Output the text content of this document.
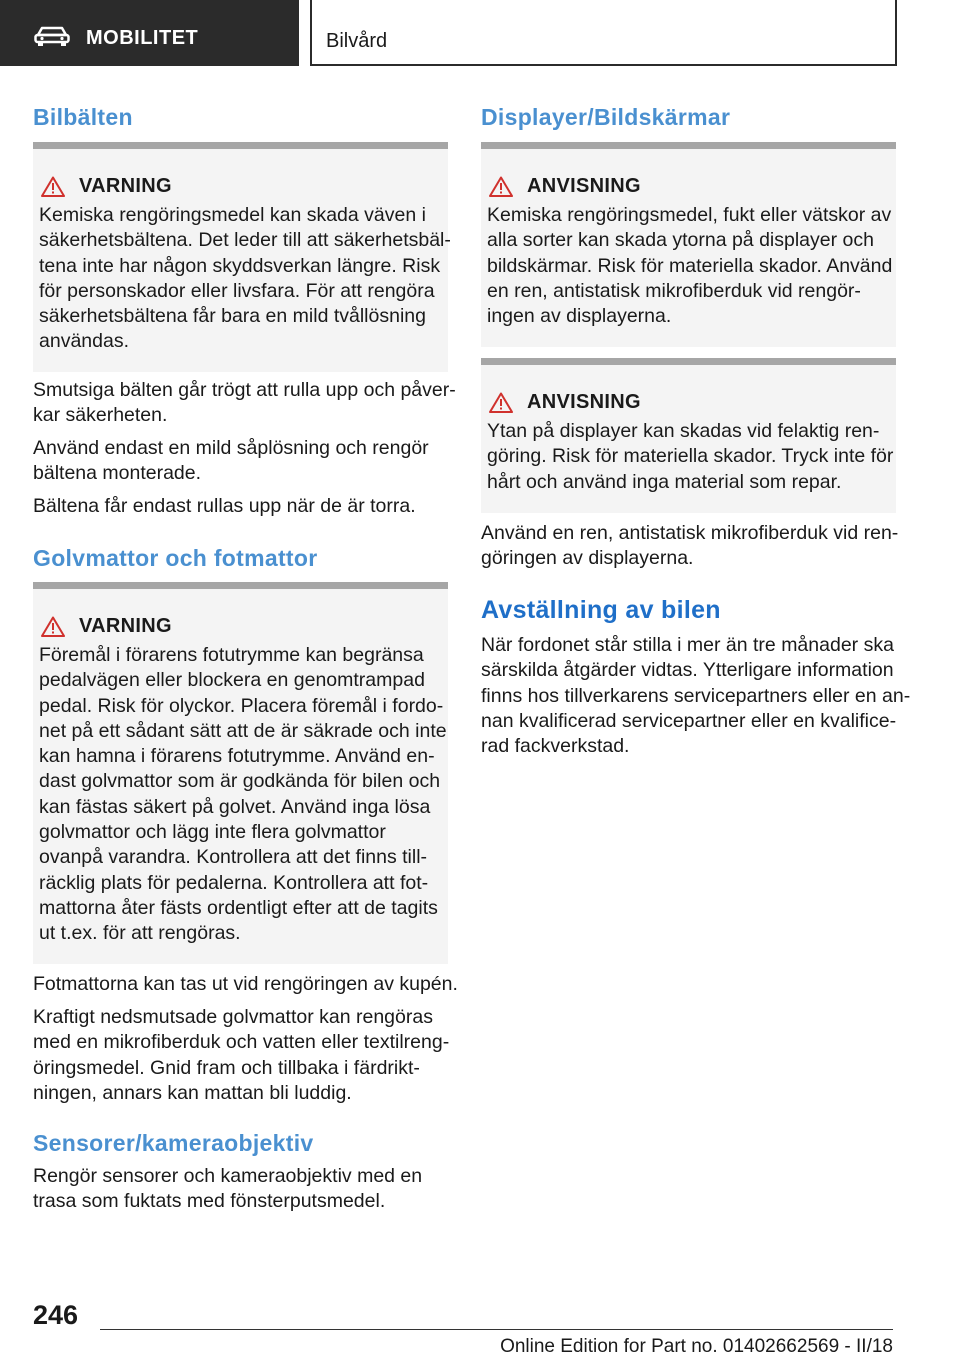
MOBILITET	Bilvård
Bilbälten
VARNING
Kemiska rengöringsmedel kan skada väven i
säkerhetsbältena. Det leder till att säkerhetsbäl‐
tena inte har någon skyddsverkan längre. Risk
för personskador eller livsfara. För att rengöra
säkerhetsbältena får bara en mild tvållösning
användas.
Smutsiga bälten går trögt att rulla upp och påver‐
kar säkerheten.
Använd endast en mild såplösning och rengör
bältena monterade.
Bältena får endast rullas upp när de är torra.
Golvmattor och fotmattor
VARNING
Föremål i förarens fotutrymme kan begränsa
pedalvägen eller blockera en genomtrampad
pedal. Risk för olyckor. Placera föremål i fordo‐
net på ett sådant sätt att de är säkrade och inte
kan hamna i förarens fotutrymme. Använd en‐
dast golvmattor som är godkända för bilen och
kan fästas säkert på golvet. Använd inga lösa
golvmattor och lägg inte flera golvmattor
ovanpå varandra. Kontrollera att det finns till‐
räcklig plats för pedalerna. Kontrollera att fot‐
mattorna åter fästs ordentligt efter att de tagits
ut t.ex. för att rengöras.
Fotmattorna kan tas ut vid rengöringen av kupén.
Kraftigt nedsmutsade golvmattor kan rengöras
med en mikrofiberduk och vatten eller textilreng‐
öringsmedel. Gnid fram och tillbaka i färdrikt‐
ningen, annars kan mattan bli luddig.
Sensorer/kameraobjektiv
Rengör sensorer och kameraobjektiv med en
trasa som fuktats med fönsterputsmedel.
Displayer/Bildskärmar
ANVISNING
Kemiska rengöringsmedel, fukt eller vätskor av
alla sorter kan skada ytorna på displayer och
bildskärmar. Risk för materiella skador. Använd
en ren, antistatisk mikrofiberduk vid rengör‐
ingen av displayerna.
ANVISNING
Ytan på displayer kan skadas vid felaktig ren‐
göring. Risk för materiella skador. Tryck inte för
hårt och använd inga material som repar.
Använd en ren, antistatisk mikrofiberduk vid ren‐
göringen av displayerna.
Avställning av bilen
När fordonet står stilla i mer än tre månader ska
särskilda åtgärder vidtas. Ytterligare information
finns hos tillverkarens servicepartners eller en an‐
nan kvalificerad servicepartner eller en kvalifice‐
rad fackverkstad.
246
Online Edition for Part no. 01402662569 - II/18
